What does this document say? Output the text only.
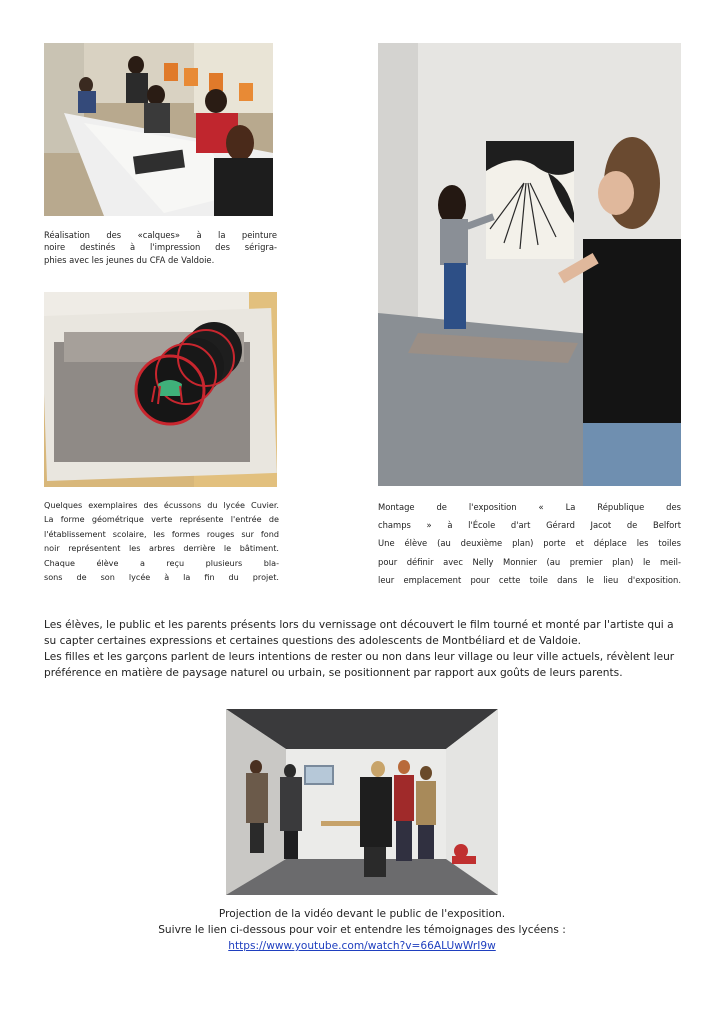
Réalisation des «calques» à la peinture
noire destinés à l'impression des sérigra-
phies avec les jeunes du CFA de Valdoie.
Quelques exemplaires des écussons du lycée Cuvier.
La forme géométrique verte représente l'entrée de
l'établissement scolaire, les formes rouges sur fond
noir représentent les arbres derrière le bâtiment.
Chaque élève a reçu plusieurs bla-
sons de son lycée à la fin du projet.
Montage de l'exposition « La République des
champs » à l'École d'art Gérard Jacot de Belfort
Une élève (au deuxième plan) porte et déplace les toiles
pour définir avec Nelly Monnier (au premier plan) le meil-
leur emplacement pour cette toile dans le lieu d'exposition.

Les élèves, le public et les parents présents lors du vernissage ont découvert le film tourné et monté par l'artiste qui a su capter certaines expressions et certaines questions des adolescents de Montbéliard et de Valdoie.

Les filles et les garçons parlent de leurs intentions de rester ou non dans leur village ou leur ville actuels, révèlent leur préférence en matière de paysage naturel ou urbain, se positionnent par rapport aux goûts de leurs parents.

Projection de la vidéo devant le public de l'exposition.
Suivre le lien ci-dessous pour voir et entendre les témoignages des lycéens :
https://www.youtube.com/watch?v=66ALUwWrI9w
